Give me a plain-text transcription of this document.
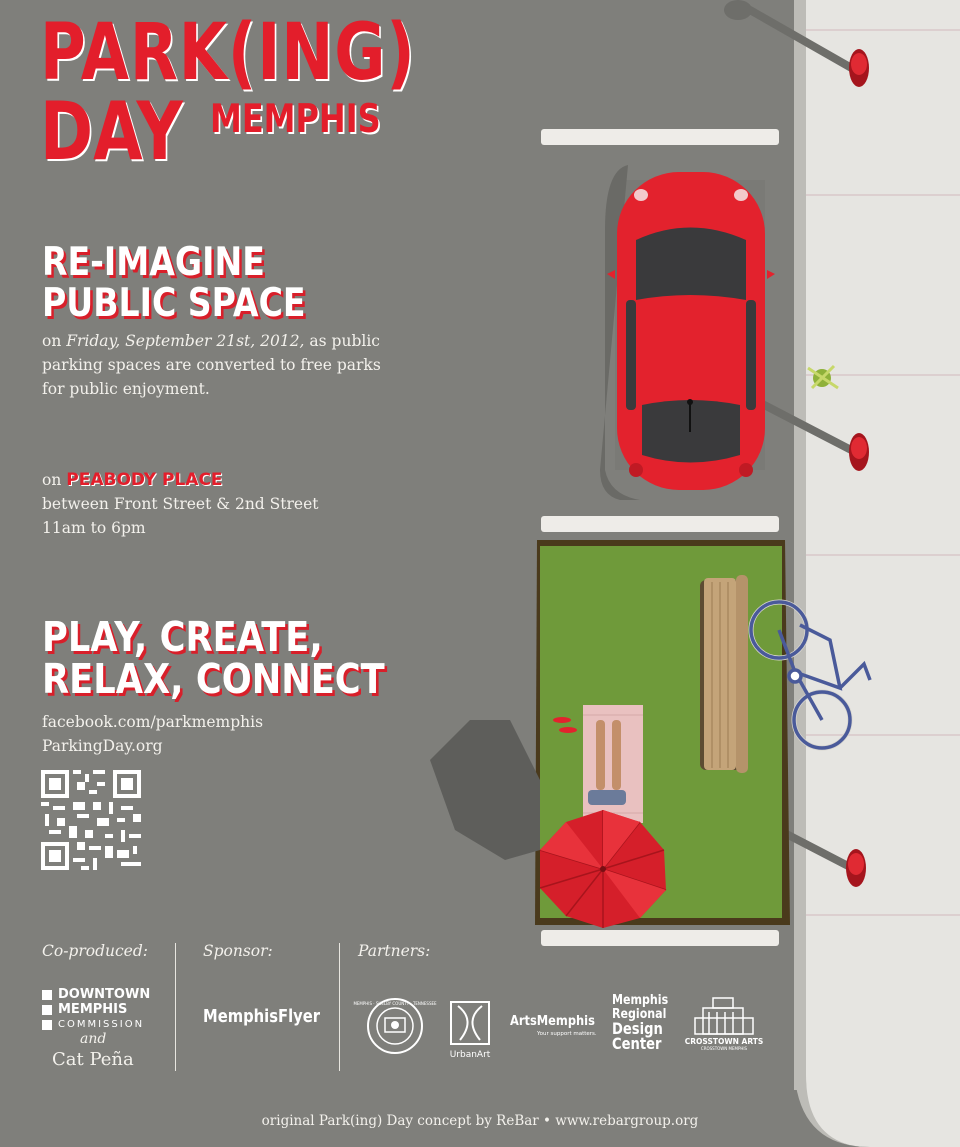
PARK(ING)
DAY MEMPHIS
RE-IMAGINE
PUBLIC SPACE
on Friday, September 21st, 2012, as public
parking spaces are converted to free parks
for public enjoyment.
on PEABODY PLACE
between Front Street & 2nd Street
11am to 6pm
PLAY, CREATE,
RELAX, CONNECT
facebook.com/parkmemphis
ParkingDay.org
Co-produced:	Sponsor:	Partners:
DOWNTOWN
MEMPHIS
COMMISSION
and
Cat Peña
MemphisFlyer
MEMPHIS · SHELBY COUNTY · TENNESSEE
UrbanArt
ArtsMemphis
Your support matters.
Memphis
Regional
Design
Center	CROSSTOWN ARTS
CROSSTOWN MEMPHIS
original Park(ing) Day concept by ReBar • www.rebargroup.org
